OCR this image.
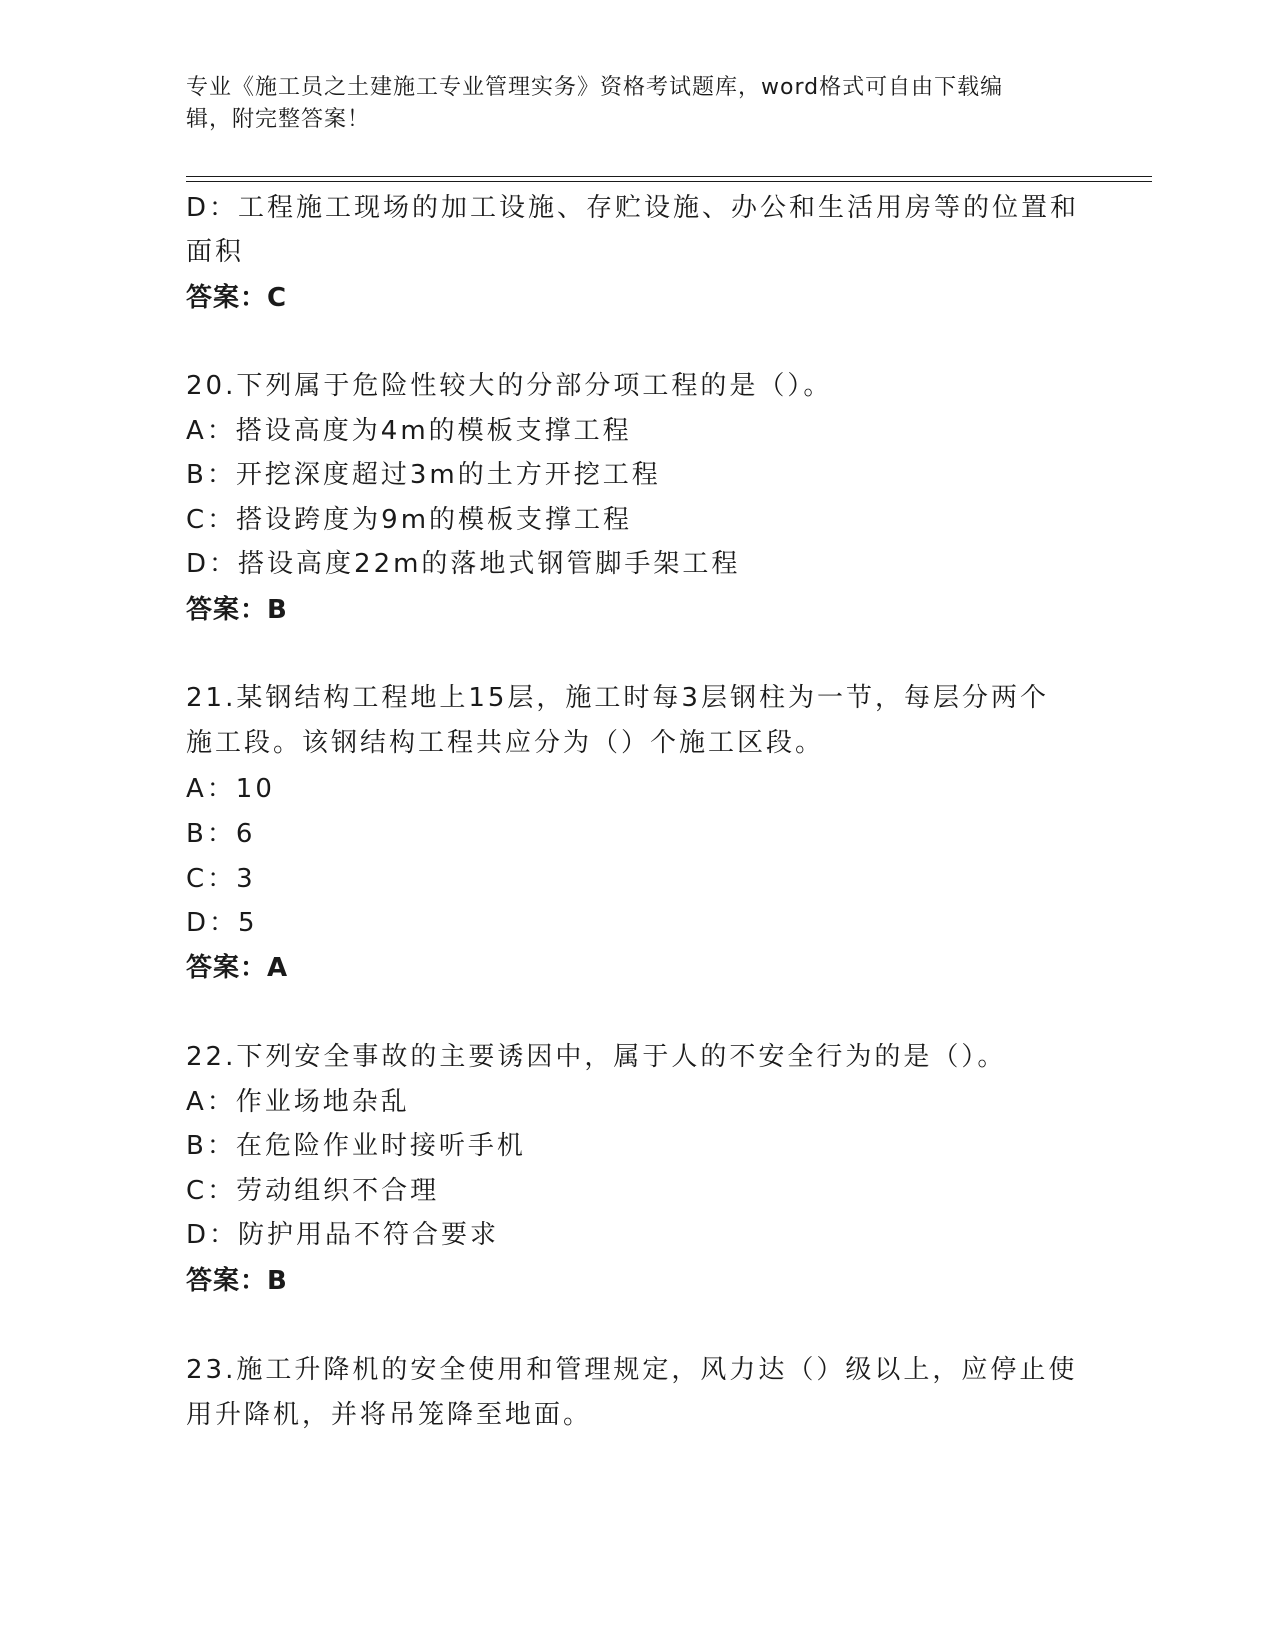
专业《施工员之土建施工专业管理实务》资格考试题库，word格式可自由下载编
辑，附完整答案！
D：工程施工现场的加工设施、存贮设施、办公和生活用房等的位置和
面积
答案：C
20.下列属于危险性较大的分部分项工程的是（）。
A：搭设高度为4m的模板支撑工程
B：开挖深度超过3m的土方开挖工程
C：搭设跨度为9m的模板支撑工程
D：搭设高度22m的落地式钢管脚手架工程
答案：B
21.某钢结构工程地上15层，施工时每3层钢柱为一节，每层分两个
施工段。该钢结构工程共应分为（）个施工区段。
A：10
B：6
C：3
D：5
答案：A
22.下列安全事故的主要诱因中，属于人的不安全行为的是（）。
A：作业场地杂乱
B：在危险作业时接听手机
C：劳动组织不合理
D：防护用品不符合要求
答案：B
23.施工升降机的安全使用和管理规定，风力达（）级以上，应停止使
用升降机，并将吊笼降至地面。
